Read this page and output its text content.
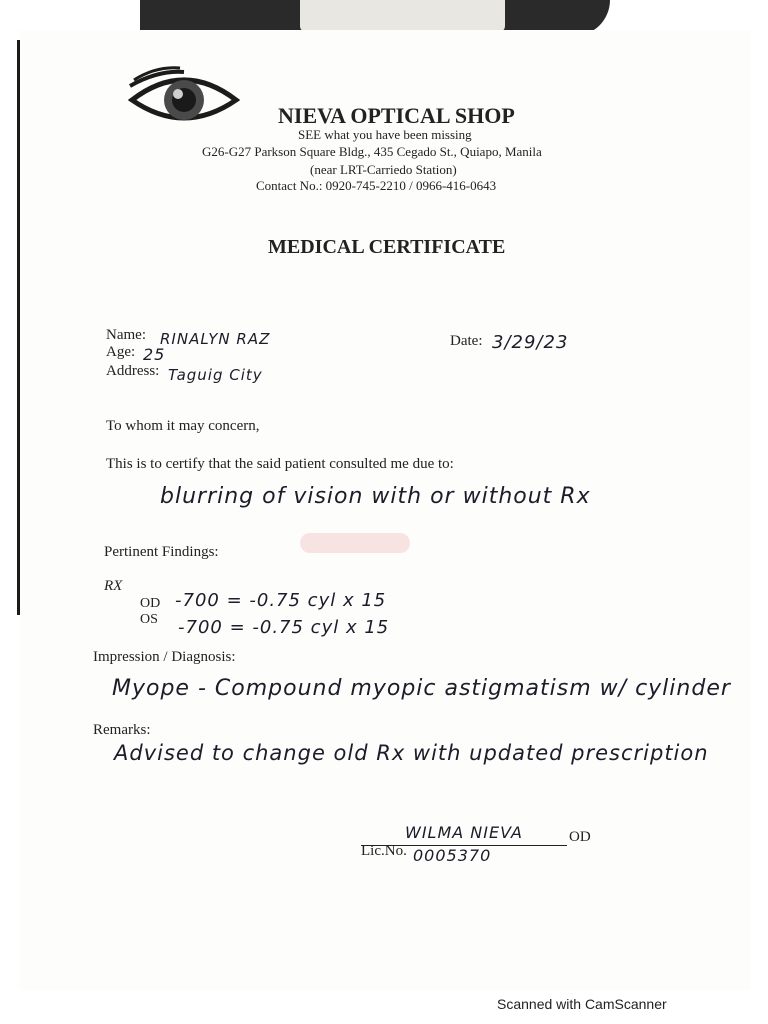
NIEVA OPTICAL SHOP
SEE what you have been missing
G26-G27 Parkson Square Bldg., 435 Cegado St., Quiapo, Manila
(near LRT-Carriedo Station)
Contact No.: 0920-745-2210 / 0966-416-0643
MEDICAL CERTIFICATE
Name: RINALYN RAZ
Age: 25
Address: Taguig City
Date: 3/29/23
To whom it may concern,
This is to certify that the said patient consulted me due to:
blurring of vision with or without Rx
Pertinent Findings:
RX
OD -700 = -0.75 cyl x 15
OS -700 = -0.75 cyl x 15
Impression / Diagnosis:
Myope - Compound myopic astigmatism w/ cylinder
Remarks:
Advised to change old Rx with updated prescription
WILMA NIEVA	OD
Lic.No. 0005370
Scanned with CamScanner
